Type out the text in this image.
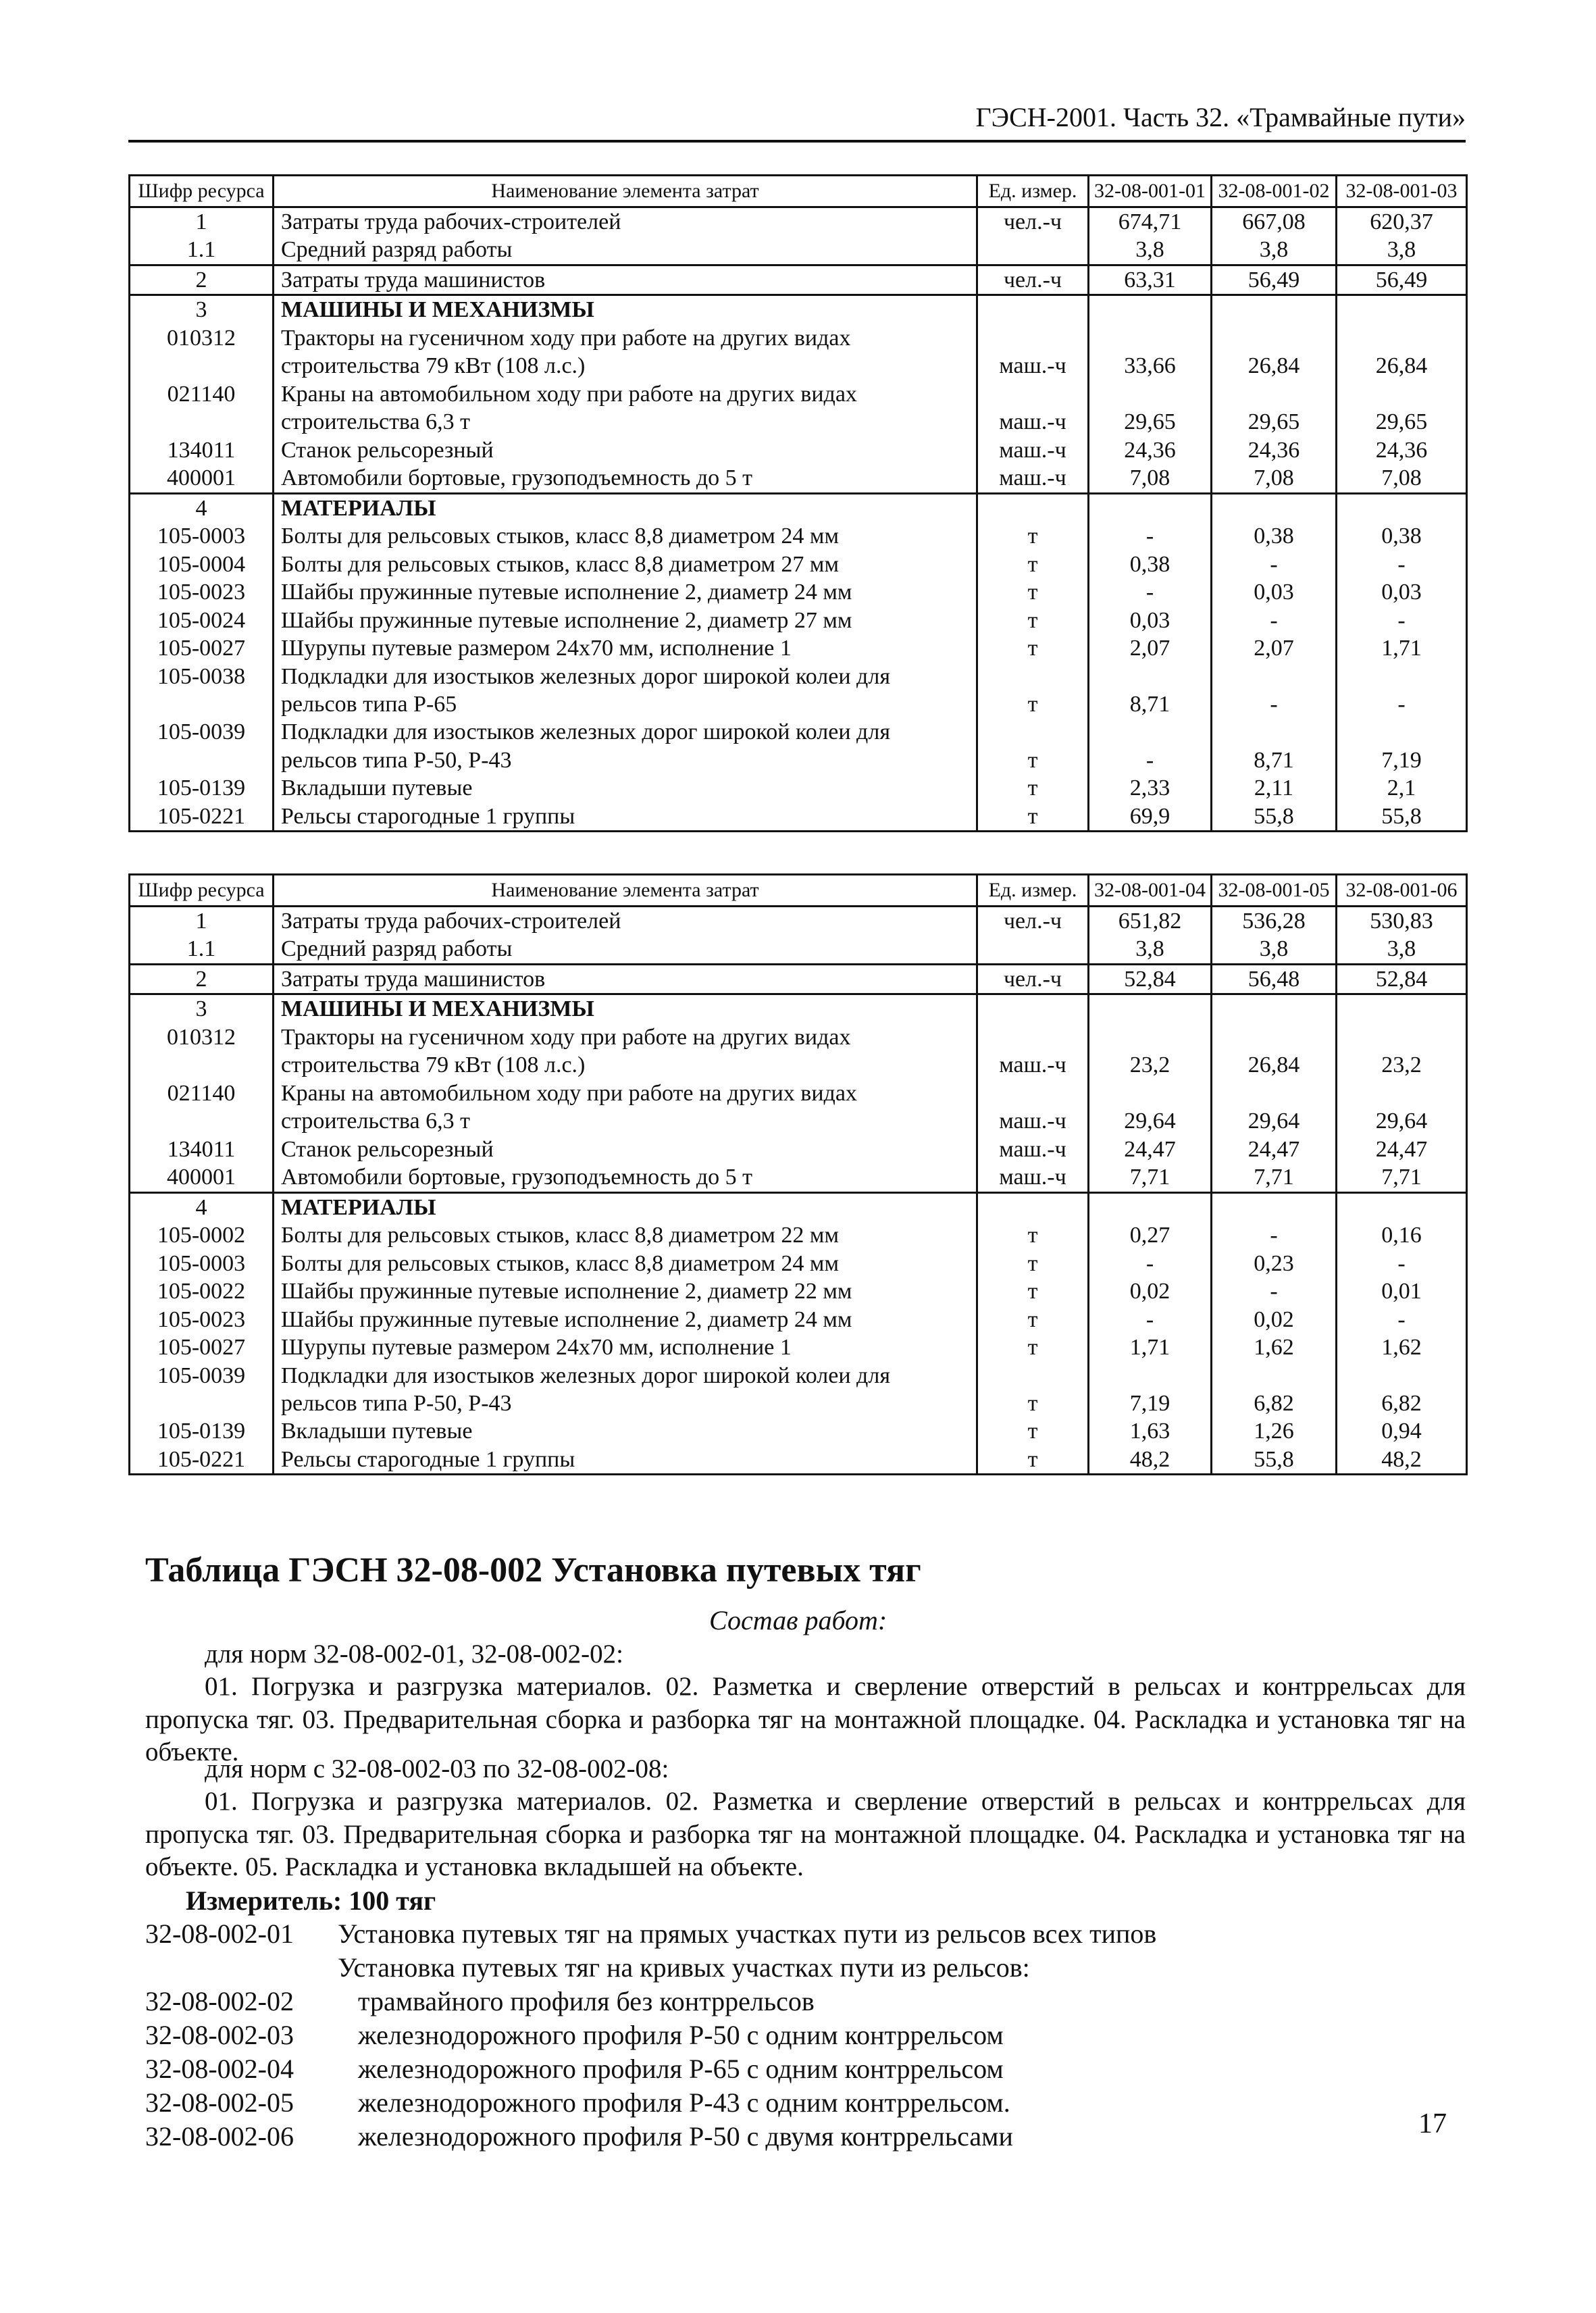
ГЭСН-2001. Часть 32. «Трамвайные пути»
Шифр ресурса	Наименование элемента затрат	Ед. измер.	32-08-001-01	32-08-001-02	32-08-001-03
1	Затраты труда рабочих-строителей	чел.-ч	674,71	667,08	620,37
1.1	Средний разряд работы		3,8	3,8	3,8
2	Затраты труда машинистов	чел.-ч	63,31	56,49	56,49
3	МАШИНЫ И МЕХАНИЗМЫ				
010312	Тракторы на гусеничном ходу при работе на других видах строительства 79 кВт (108 л.с.)	маш.-ч	33,66	26,84	26,84
021140	Краны на автомобильном ходу при работе на других видах строительства 6,3 т	маш.-ч	29,65	29,65	29,65
134011	Станок рельсорезный	маш.-ч	24,36	24,36	24,36
400001	Автомобили бортовые, грузоподъемность до 5 т	маш.-ч	7,08	7,08	7,08
4	МАТЕРИАЛЫ				
105-0003	Болты для рельсовых стыков, класс 8,8 диаметром 24 мм	т	-	0,38	0,38
105-0004	Болты для рельсовых стыков, класс 8,8 диаметром 27 мм	т	0,38	-	-
105-0023	Шайбы пружинные путевые исполнение 2, диаметр 24 мм	т	-	0,03	0,03
105-0024	Шайбы пружинные путевые исполнение 2, диаметр 27 мм	т	0,03	-	-
105-0027	Шурупы путевые размером 24x70 мм, исполнение 1	т	2,07	2,07	1,71
105-0038	Подкладки для изостыков железных дорог широкой колеи для рельсов типа Р-65	т	8,71	-	-
105-0039	Подкладки для изостыков железных дорог широкой колеи для рельсов типа Р-50, Р-43	т	-	8,71	7,19
105-0139	Вкладыши путевые	т	2,33	2,11	2,1
105-0221	Рельсы старогодные 1 группы	т	69,9	55,8	55,8
Шифр ресурса	Наименование элемента затрат	Ед. измер.	32-08-001-04	32-08-001-05	32-08-001-06
1	Затраты труда рабочих-строителей	чел.-ч	651,82	536,28	530,83
1.1	Средний разряд работы		3,8	3,8	3,8
2	Затраты труда машинистов	чел.-ч	52,84	56,48	52,84
3	МАШИНЫ И МЕХАНИЗМЫ				
010312	Тракторы на гусеничном ходу при работе на других видах строительства 79 кВт (108 л.с.)	маш.-ч	23,2	26,84	23,2
021140	Краны на автомобильном ходу при работе на других видах строительства 6,3 т	маш.-ч	29,64	29,64	29,64
134011	Станок рельсорезный	маш.-ч	24,47	24,47	24,47
400001	Автомобили бортовые, грузоподъемность до 5 т	маш.-ч	7,71	7,71	7,71
4	МАТЕРИАЛЫ				
105-0002	Болты для рельсовых стыков, класс 8,8 диаметром 22 мм	т	0,27	-	0,16
105-0003	Болты для рельсовых стыков, класс 8,8 диаметром 24 мм	т	-	0,23	-
105-0022	Шайбы пружинные путевые исполнение 2, диаметр 22 мм	т	0,02	-	0,01
105-0023	Шайбы пружинные путевые исполнение 2, диаметр 24 мм	т	-	0,02	-
105-0027	Шурупы путевые размером 24x70 мм, исполнение 1	т	1,71	1,62	1,62
105-0039	Подкладки для изостыков железных дорог широкой колеи для рельсов типа Р-50, Р-43	т	7,19	6,82	6,82
105-0139	Вкладыши путевые	т	1,63	1,26	0,94
105-0221	Рельсы старогодные 1 группы	т	48,2	55,8	48,2
Таблица ГЭСН 32-08-002 Установка путевых тяг
Состав работ:
для норм 32-08-002-01, 32-08-002-02:
01. Погрузка и разгрузка материалов. 02. Разметка и сверление отверстий в рельсах и контррельсах для пропуска тяг. 03. Предварительная сборка и разборка тяг на монтажной площадке. 04. Раскладка и установка тяг на объекте.
для норм с 32-08-002-03 по 32-08-002-08:
01. Погрузка и разгрузка материалов. 02. Разметка и сверление отверстий в рельсах и контррельсах для пропуска тяг. 03. Предварительная сборка и разборка тяг на монтажной площадке. 04. Раскладка и установка тяг на объекте. 05. Раскладка и установка вкладышей на объекте.
Измеритель: 100 тяг
32-08-002-01	Установка путевых тяг на прямых участках пути из рельсов всех типов
Установка путевых тяг на кривых участках пути из рельсов:
32-08-002-02	трамвайного профиля без контррельсов
32-08-002-03	железнодорожного профиля Р-50 с одним контррельсом
32-08-002-04	железнодорожного профиля Р-65 с одним контррельсом
32-08-002-05	железнодорожного профиля Р-43 с одним контррельсом.
32-08-002-06	железнодорожного профиля Р-50 с двумя контррельсами	17
